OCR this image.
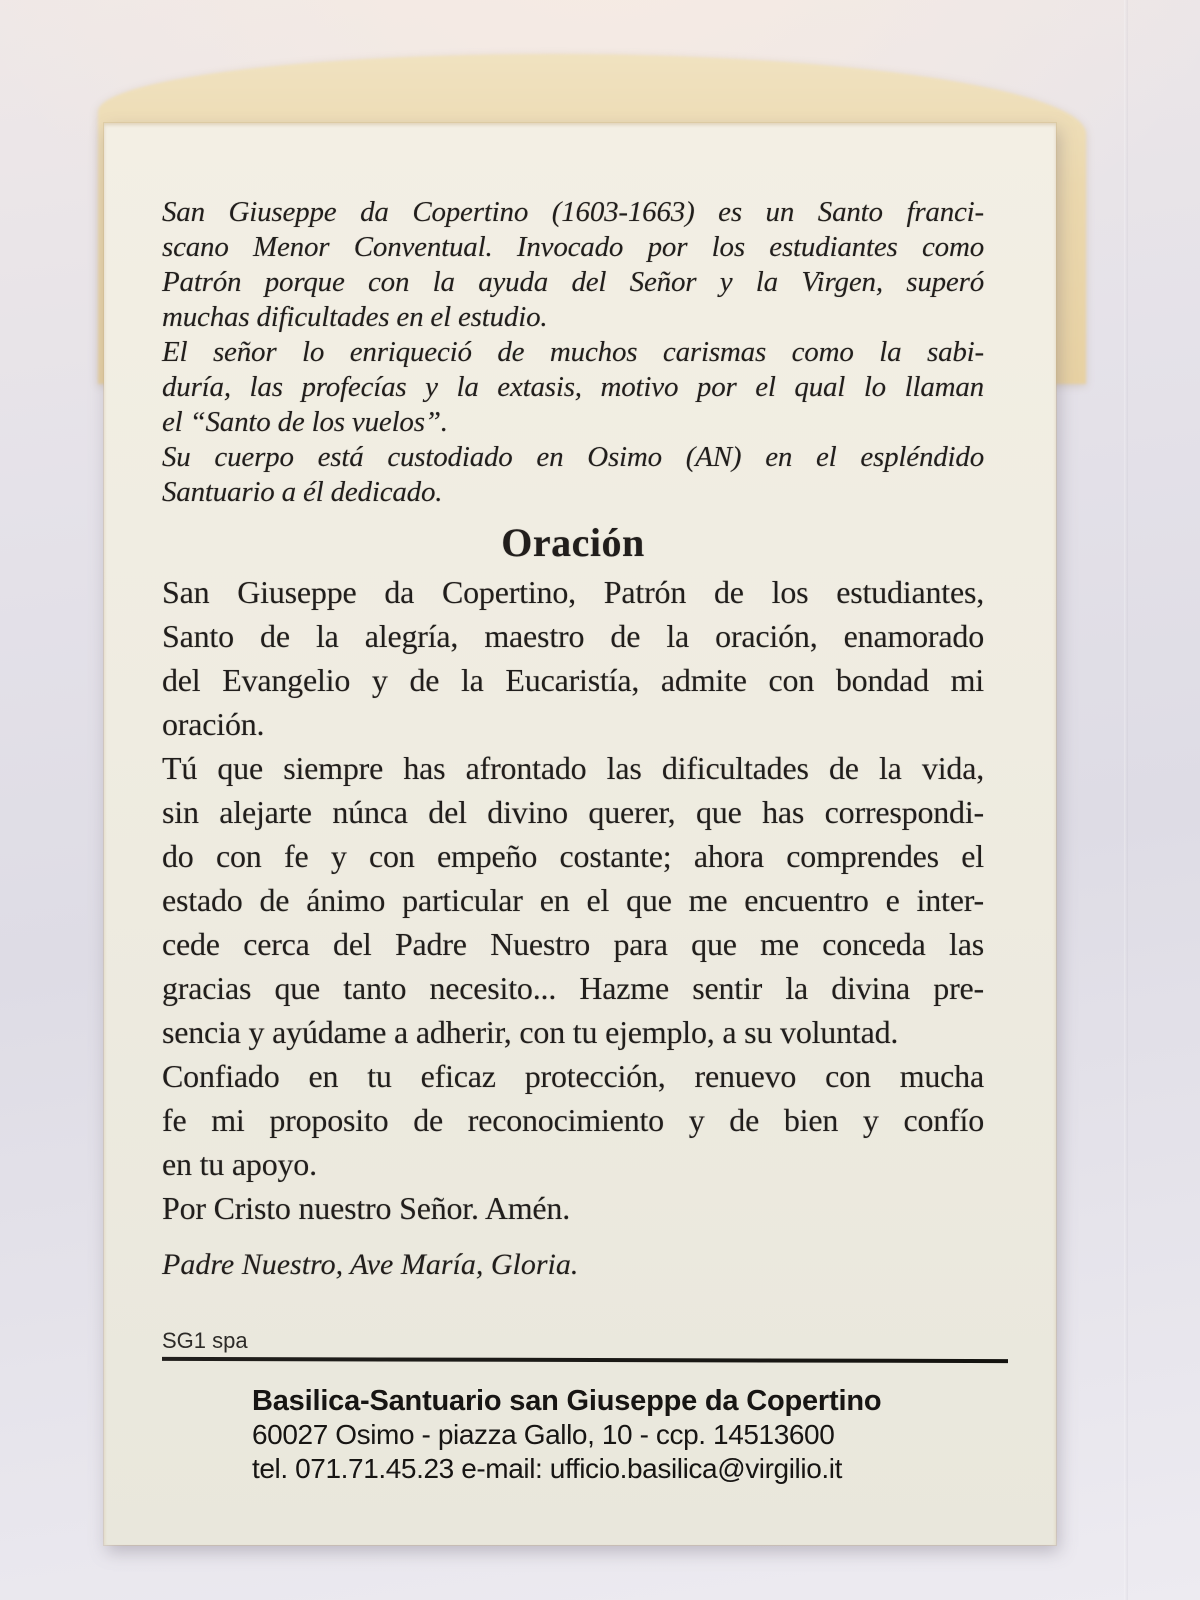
San Giuseppe da Copertino (1603-1663) es un Santo franci-
scano Menor Conventual. Invocado por los estudiantes como
Patrón porque con la ayuda del Señor y la Virgen, superó
muchas dificultades en el estudio.
El señor lo enriqueció de muchos carismas como la sabi-
duría, las profecías y la extasis, motivo por el qual lo llaman
el “Santo de los vuelos”.
Su cuerpo está custodiado en Osimo (AN) en el espléndido
Santuario a él dedicado.
Oración
San Giuseppe da Copertino, Patrón de los estudiantes,
Santo de la alegría, maestro de la oración, enamorado
del Evangelio y de la Eucaristía, admite con bondad mi
oración.
Tú que siempre has afrontado las dificultades de la vida,
sin alejarte núnca del divino querer, que has correspondi-
do con fe y con empeño costante; ahora comprendes el
estado de ánimo particular en el que me encuentro e inter-
cede cerca del Padre Nuestro para que me conceda las
gracias que tanto necesito... Hazme sentir la divina pre-
sencia y ayúdame a adherir, con tu ejemplo, a su voluntad.
Confiado en tu eficaz protección, renuevo con mucha
fe mi proposito de reconocimiento y de bien y confío
en tu apoyo.
Por Cristo nuestro Señor. Amén.
Padre Nuestro, Ave María, Gloria.
SG1 spa
Basilica-Santuario san Giuseppe da Copertino
60027 Osimo - piazza Gallo, 10 - ccp. 14513600
tel. 071.71.45.23 e-mail: ufficio.basilica@virgilio.it
